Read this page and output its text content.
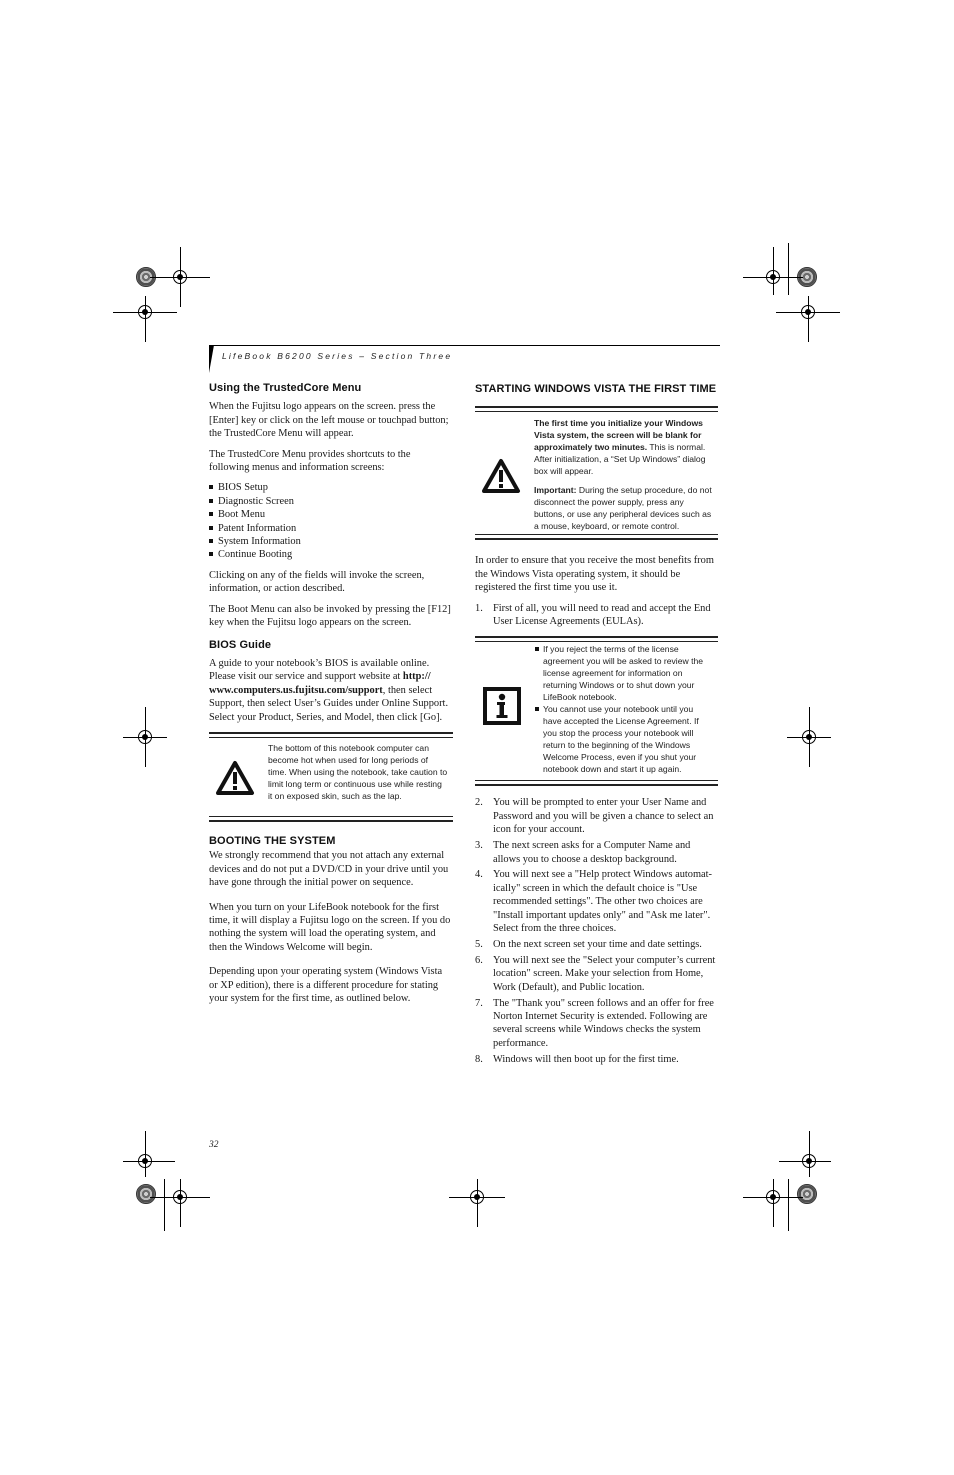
LifeBook B6200 Series – Section Three
Using the TrustedCore Menu

When the Fujitsu logo appears on the screen. press the [Enter] key or click on the left mouse or touchpad button; the TrustedCore Menu will appear.

The TrustedCore Menu provides shortcuts to the following menus and information screens:

BIOS Setup
Diagnostic Screen
Boot Menu
Patent Information
System Information
Continue Booting

Clicking on any of the fields will invoke the screen, information, or action described.

The Boot Menu can also be invoked by pressing the [F12] key when the Fujitsu logo appears on the screen.

BIOS Guide

A guide to your notebook’s BIOS is available online. Please visit our service and support website at http:// www.computers.us.fujitsu.com/support, then select Support, then select User’s Guides under Online Support. Select your Product, Series, and Model, then click [Go].

The bottom of this notebook computer can become hot when used for long periods of time. When using the notebook, take caution to limit long term or continuous use while resting it on exposed skin, such as the lap.
BOOTING THE SYSTEM

We strongly recommend that you not attach any external devices and do not put a DVD/CD in your drive until you have gone through the initial power on sequence.

When you turn on your LifeBook notebook for the first time, it will display a Fujitsu logo on the screen. If you do nothing the system will load the operating system, and then the Windows Welcome will begin.

Depending upon your operating system (Windows Vista or XP edition), there is a different procedure for stating your system for the first time, as outlined below.

STARTING WINDOWS VISTA THE FIRST TIME

The first time you initialize your Windows Vista system, the screen will be blank for approximately two minutes. This is normal. After initialization, a “Set Up Windows” dialog box will appear.

Important: During the setup procedure, do not disconnect the power supply, press any buttons, or use any peripheral devices such as a mouse, keyboard, or remote control.

In order to ensure that you receive the most benefits from the Windows Vista operating system, it should be registered the first time you use it.

1. First of all, you will need to read and accept the End User License Agreements (EULAs).
If you reject the terms of the license agreement you will be asked to review the license agreement for information on returning Windows or to shut down your LifeBook notebook.
You cannot use your notebook until you have accepted the License Agreement. If you stop the process your notebook will return to the beginning of the Windows Welcome Process, even if you shut your notebook down and start it up again.
2. You will be prompted to enter your User Name and Password and you will be given a chance to select an icon for your account.
3. The next screen asks for a Computer Name and allows you to choose a desktop background.
4. You will next see a "Help protect Windows automat-ically" screen in which the default choice is "Use recommended settings". The other two choices are "Install important updates only" and "Ask me later". Select from the three choices.
5. On the next screen set your time and date settings.
6. You will next see the "Select your computer’s current location" screen. Make your selection from Home, Work (Default), and Public location.
7. The "Thank you" screen follows and an offer for free Norton Internet Security is extended. Following are several screens while Windows checks the system performance.
8. Windows will then boot up for the first time.
32
